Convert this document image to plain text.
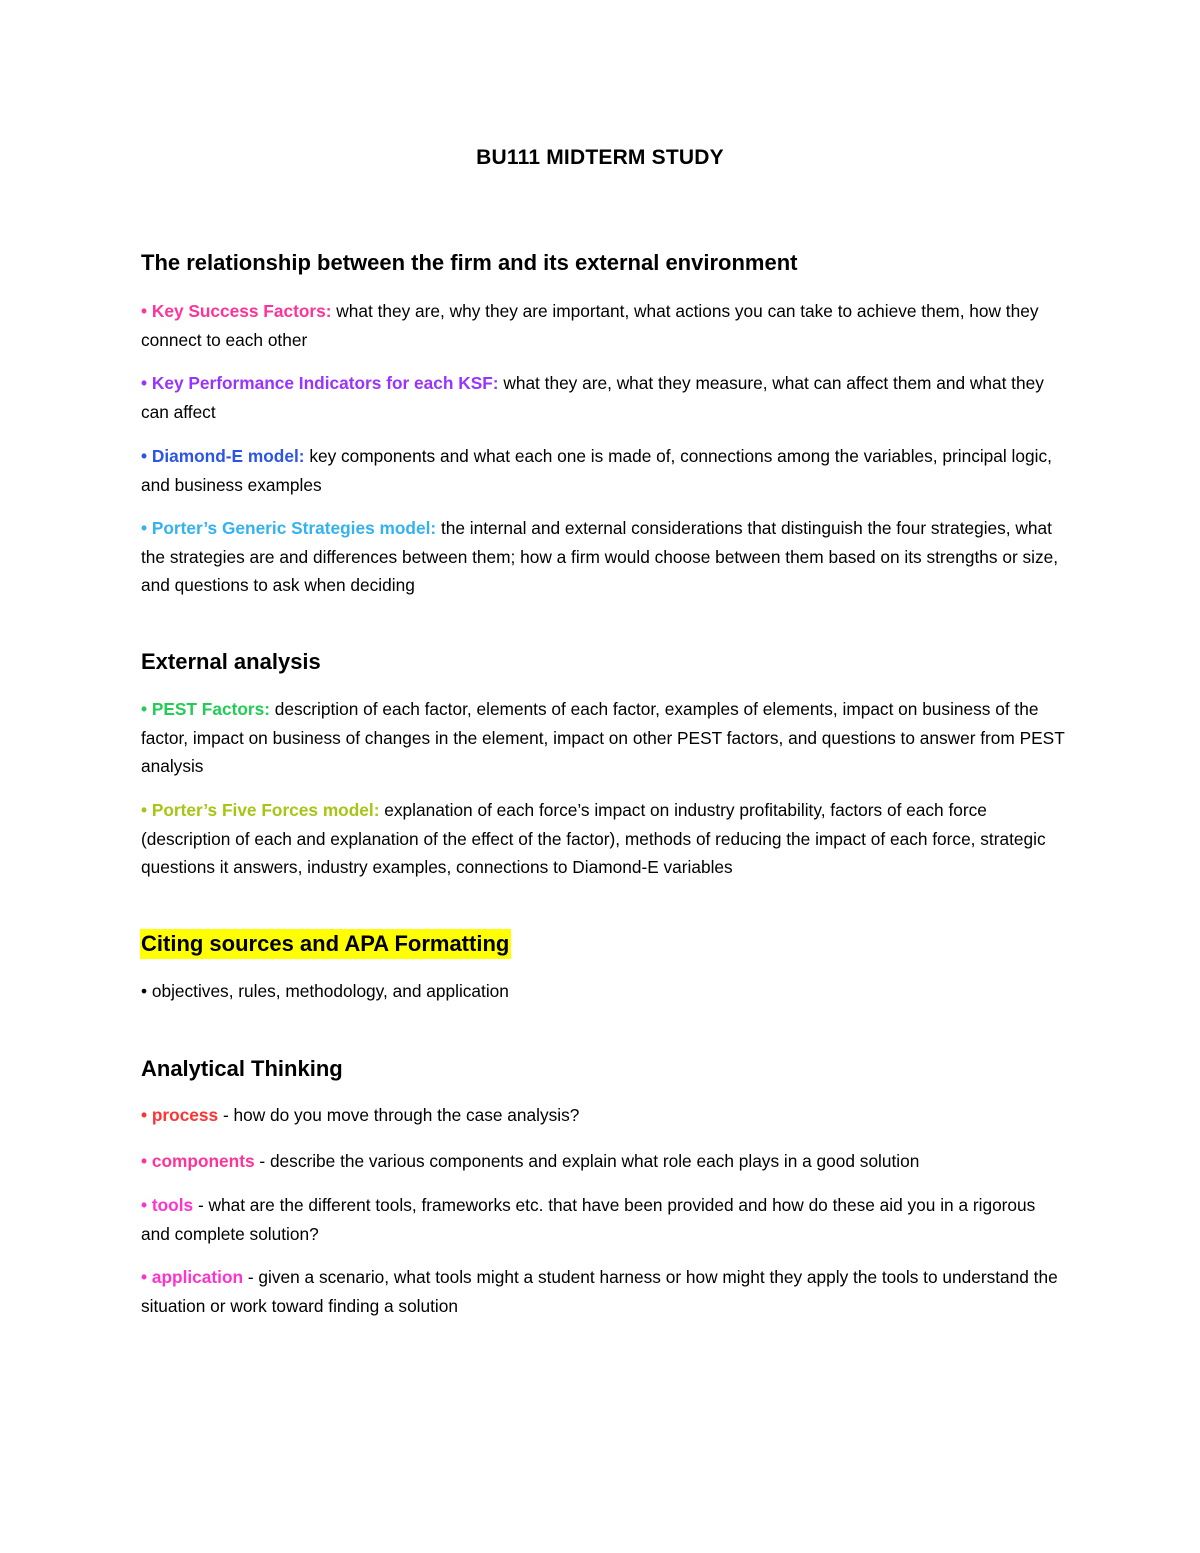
BU111 MIDTERM STUDY
The relationship between the firm and its external environment
• Key Success Factors: what they are, why they are important, what actions you can take to achieve them, how they connect to each other
• Key Performance Indicators for each KSF: what they are, what they measure, what can affect them and what they can affect
• Diamond-E model: key components and what each one is made of, connections among the variables, principal logic, and business examples
• Porter’s Generic Strategies model: the internal and external considerations that distinguish the four strategies, what the strategies are and differences between them; how a firm would choose between them based on its strengths or size, and questions to ask when deciding
External analysis
• PEST Factors: description of each factor, elements of each factor, examples of elements, impact on business of the factor, impact on business of changes in the element, impact on other PEST factors, and questions to answer from PEST analysis
• Porter’s Five Forces model: explanation of each force’s impact on industry profitability, factors of each force (description of each and explanation of the effect of the factor), methods of reducing the impact of each force, strategic questions it answers, industry examples, connections to Diamond-E variables
Citing sources and APA Formatting
• objectives, rules, methodology, and application
Analytical Thinking
• process - how do you move through the case analysis?
• components - describe the various components and explain what role each plays in a good solution
• tools - what are the different tools, frameworks etc. that have been provided and how do these aid you in a rigorous and complete solution?
• application - given a scenario, what tools might a student harness or how might they apply the tools to understand the situation or work toward finding a solution
